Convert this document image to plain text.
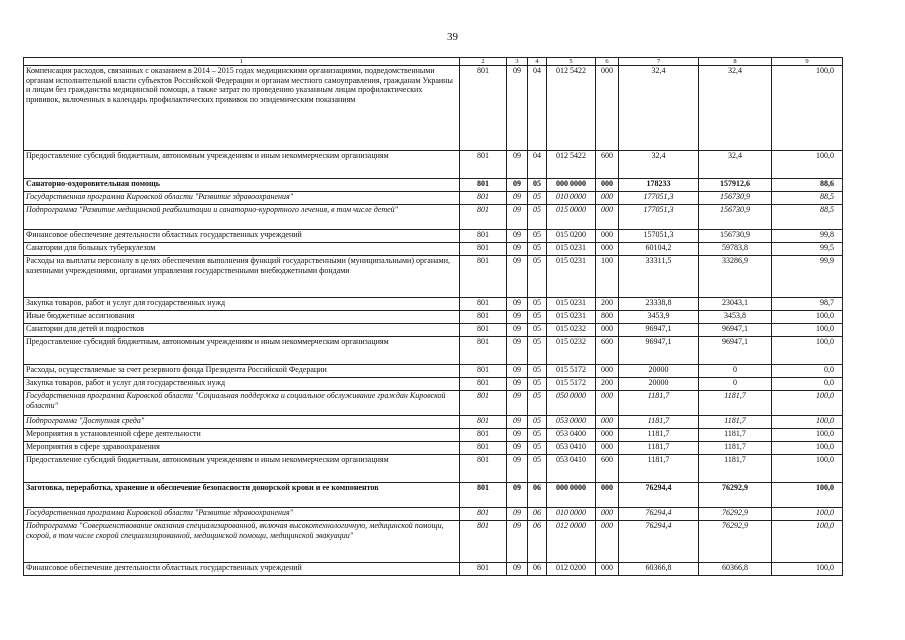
39
1	2	3	4	5	6	7	8	9
Компенсация расходов, связанных с оказанием в 2014 – 2015 годах медицинскими организациями, подведомственными органам исполнительной власти субъектов Российской Федерации и органам местного самоуправления, гражданам Украины и лицам без гражданства медицинской помощи, а также затрат по проведению указанным лицам профилактических прививок, включенных в календарь профилактических прививок по эпидемическим показаниям	801	09	04	012 5422	000	32,4	32,4	100,0
Предоставление субсидий бюджетным, автономным учреждениям и иным некоммерческим организациям	801	09	04	012 5422	600	32,4	32,4	100,0
Санаторно-оздоровительная помощь	801	09	05	000 0000	000	178233	157912,6	88,6
Государственная программа Кировской области "Развитие здравоохранения"	801	09	05	010 0000	000	177051,3	156730,9	88,5
Подпрограмма "Развитие медицинской реабилитации и санаторно-курортного лечения, в том числе детей"	801	09	05	015 0000	000	177051,3	156730,9	88,5
Финансовое обеспечение деятельности областных государственных учреждений	801	09	05	015 0200	000	157051,3	156730,9	99,8
Санатории для больных туберкулезом	801	09	05	015 0231	000	60104,2	59783,8	99,5
Расходы на выплаты персоналу в целях обеспечения выполнения функций государственными (муниципальными) органами, казенными учреждениями, органами управления государственными внебюджетными фондами	801	09	05	015 0231	100	33311,5	33286,9	99,9
Закупка товаров, работ и услуг для государственных нужд	801	09	05	015 0231	200	23338,8	23043,1	98,7
Иные бюджетные ассигнования	801	09	05	015 0231	800	3453,9	3453,8	100,0
Санатории для детей и подростков	801	09	05	015 0232	000	96947,1	96947,1	100,0
Предоставление субсидий бюджетным, автономным учреждениям и иным некоммерческим организациям	801	09	05	015 0232	600	96947,1	96947,1	100,0
Расходы, осуществляемые за счет резервного фонда Президента Российской Федерации	801	09	05	015 5172	000	20000	0	0,0
Закупка товаров, работ и услуг для государственных нужд	801	09	05	015 5172	200	20000	0	0,0
Государственная программа Кировской области "Социальная поддержка и социальное обслуживание граждан Кировской области"	801	09	05	050 0000	000	1181,7	1181,7	100,0
Подпрограмма "Доступная среда"	801	09	05	053 0000	000	1181,7	1181,7	100,0
Мероприятия в установленной сфере деятельности	801	09	05	053 0400	000	1181,7	1181,7	100,0
Мероприятия в сфере здравоохранения	801	09	05	053 0410	000	1181,7	1181,7	100,0
Предоставление субсидий бюджетным, автономным учреждениям и иным некоммерческим организациям	801	09	05	053 0410	600	1181,7	1181,7	100,0
Заготовка, переработка, хранение и обеспечение безопасности донорской крови и ее компонентов	801	09	06	000 0000	000	76294,4	76292,9	100,0
Государственная программа Кировской области "Развитие здравоохранения"	801	09	06	010 0000	000	76294,4	76292,9	100,0
Подпрограмма "Совершенствование оказания специализированной, включая высокотехнологичную, медицинской помощи, скорой, в том числе скорой специализированной, медицинской помощи, медицинской эвакуации"	801	09	06	012 0000	000	76294,4	76292,9	100,0
Финансовое обеспечение деятельности областных государственных учреждений	801	09	06	012 0200	000	60366,8	60366,8	100,0
